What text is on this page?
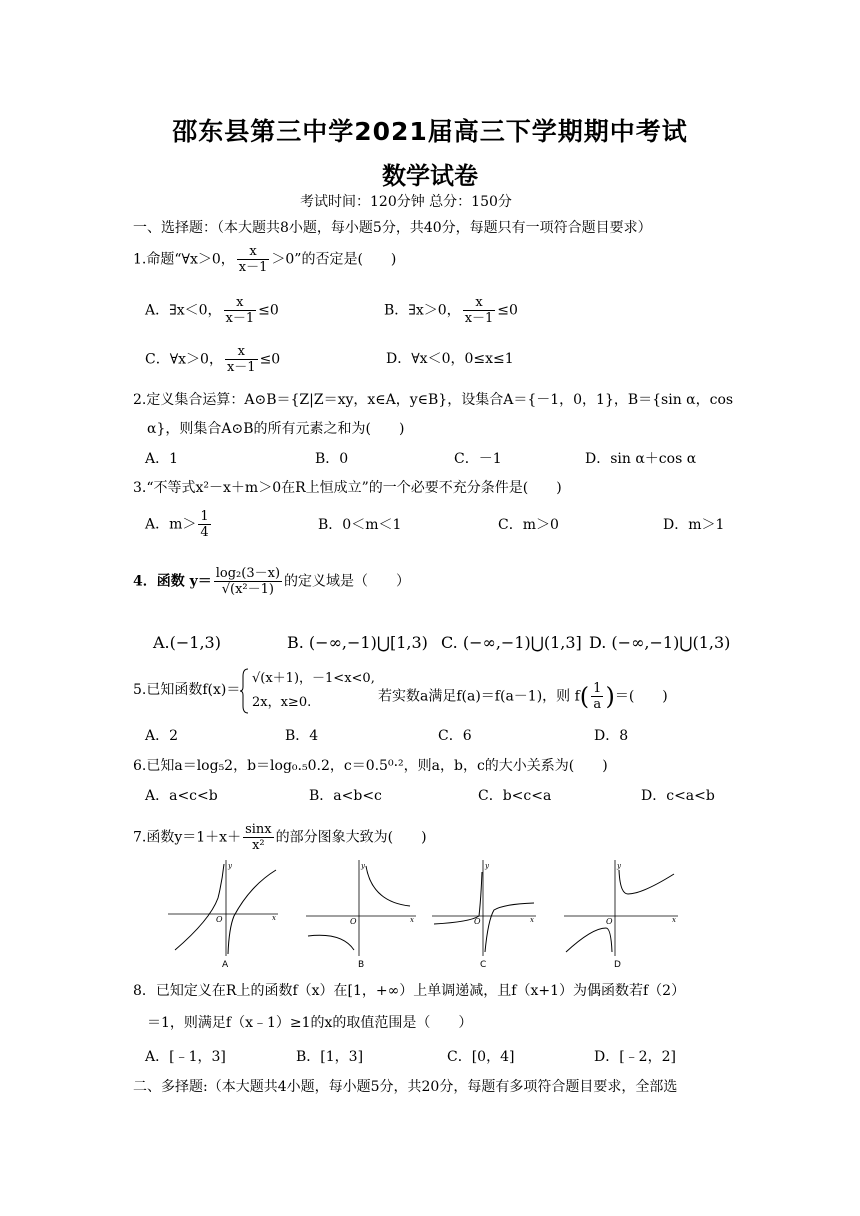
邵东县第三中学2021届高三下学期期中考试
数学试卷
考试时间：120分钟 总分：150分
一、选择题：（本大题共8小题，每小题5分，共40分，每题只有一项符合题目要求）
1.命题“∀x＞0， $\frac{x}{x-1} >0$”的否定是(　　)
A．∃x＜0， $\frac{x}{x-1} \le 0$	B．∃x＞0， $\frac{x}{x-1} \le 0$
C．∀x＞0， $\frac{x}{x-1} \le 0$	D．∀x＜0，0≤x≤1
2.定义集合运算：A⊙B＝{Z|Z＝xy，x∈A，y∈B}，设集合A＝{－1，0，1}，B＝{sin α，cos
α}，则集合A⊙B的所有元素之和为(　　)
A．1	B．0	C．－1	D．sin α＋cos α
3.“不等式x²－x＋m＞0在R上恒成立”的一个必要不充分条件是(　　)
A．$m> \frac{1}{4}$	B．0＜m＜1	C．m＞0	D．m＞1
4．函数 $y= \frac{\text{log₂(3－x)}}{\text{√(x²－1)}}$ 的定义域是（　　）
A.(−1,3)	B. (−∞,−1)⋃[1,3) C. (−∞,−1)⋃(1,3] D. (−∞,−1)⋃(1,3)
5.已知函数f(x)＝
√(x＋1)，－1<x<0,
2x，x≥0.	若实数a满足f(a)＝f(a－1)，则 $f( \frac{1}{a}$ )＝(　　)
A．2	B．4	C．6	D．8
6.已知a＝log₅2，b＝log₀.₅0.2，c＝0.5⁰·²，则a，b，c的大小关系为(　　)
A．a<c<b	B．a<b<c	C．b<c<a	D．c<a<b
7.函数$y=1+x+ \frac{\sin x}{\text{x²}}$ 的部分图象大致为(　　)
O	x
y
A
O	x
y
B
O	x
y
C
O	x
y
D
8．已知定义在R上的函数f（x）在[1，+∞）上单调递减，且f（x+1）为偶函数若f（2）
＝1，则满足f（x﹣1）≥1的x的取值范围是（　　）
A．[﹣1，3]	B．[1，3]	C．[0，4]	D．[﹣2，2]
二、多择题:（本大题共4小题，每小题5分，共20分，每题有多项符合题目要求，全部选
